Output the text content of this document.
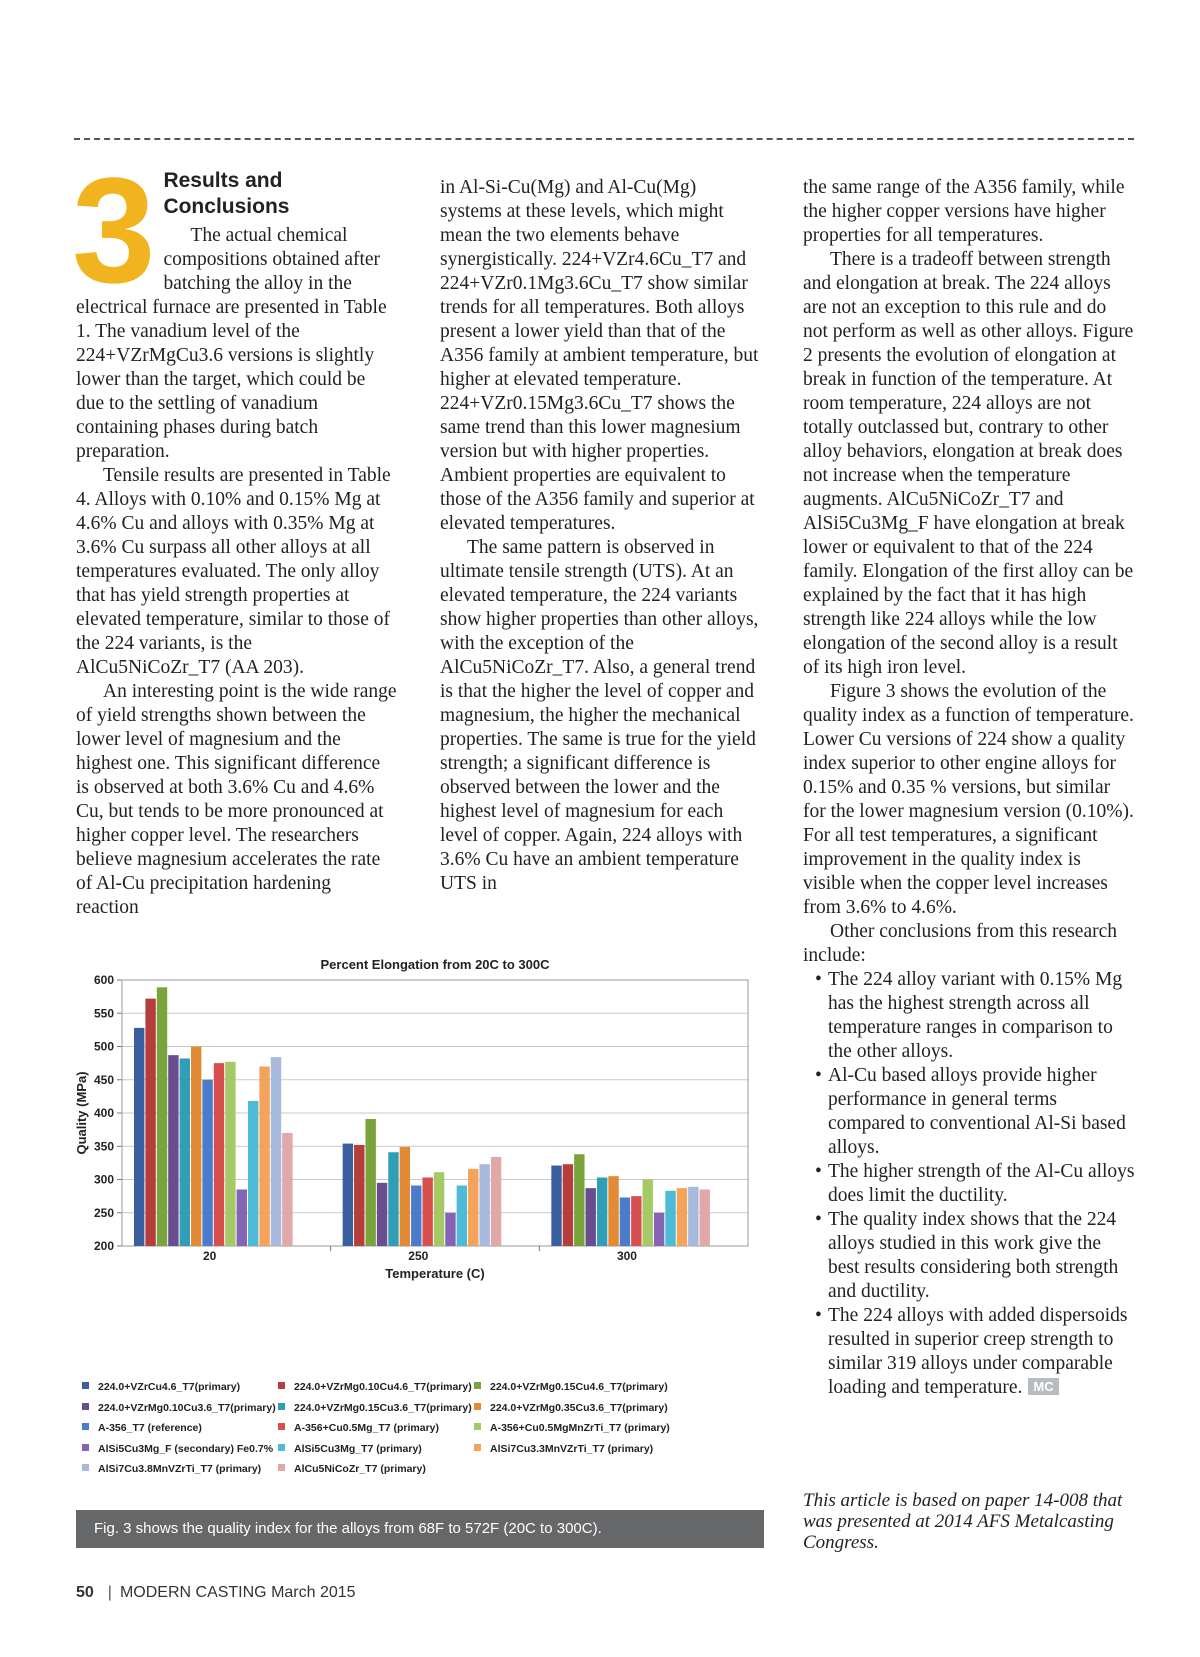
3 Results and Conclusions

The actual chemical compositions obtained after batching the alloy in the electrical furnace are presented in Table 1. The vanadium level of the 224+VZrMgCu3.6 versions is slightly lower than the target, which could be due to the settling of vanadium containing phases during batch preparation.

Tensile results are presented in Table 4. Alloys with 0.10% and 0.15% Mg at 4.6% Cu and alloys with 0.35% Mg at 3.6% Cu surpass all other alloys at all temperatures evaluated. The only alloy that has yield strength properties at elevated temperature, similar to those of the 224 variants, is the AlCu5NiCoZr_T7 (AA 203).

An interesting point is the wide range of yield strengths shown between the lower level of magnesium and the highest one. This significant difference is observed at both 3.6% Cu and 4.6% Cu, but tends to be more pronounced at higher copper level. The researchers believe magnesium accelerates the rate of Al-Cu precipitation hardening reaction

in Al-Si-Cu(Mg) and Al-Cu(Mg) systems at these levels, which might mean the two elements behave synergistically. 224+VZr4.6Cu_T7 and 224+VZr0.1Mg3.6Cu_T7 show similar trends for all temperatures. Both alloys present a lower yield than that of the A356 family at ambient temperature, but higher at elevated temperature. 224+VZr0.15Mg3.6Cu_T7 shows the same trend than this lower magnesium version but with higher properties. Ambient properties are equivalent to those of the A356 family and superior at elevated temperatures.

The same pattern is observed in ultimate tensile strength (UTS). At an elevated temperature, the 224 variants show higher properties than other alloys, with the exception of the AlCu5NiCoZr_T7. Also, a general trend is that the higher the level of copper and magnesium, the higher the mechanical properties. The same is true for the yield strength; a significant difference is observed between the lower and the highest level of magnesium for each level of copper. Again, 224 alloys with 3.6% Cu have an ambient temperature UTS in

the same range of the A356 family, while the higher copper versions have higher properties for all temperatures.

There is a tradeoff between strength and elongation at break. The 224 alloys are not an exception to this rule and do not perform as well as other alloys. Figure 2 presents the evolution of elongation at break in function of the temperature. At room temperature, 224 alloys are not totally outclassed but, contrary to other alloy behaviors, elongation at break does not increase when the temperature augments. AlCu5NiCoZr_T7 and AlSi5Cu3Mg_F have elongation at break lower or equivalent to that of the 224 family. Elongation of the first alloy can be explained by the fact that it has high strength like 224 alloys while the low elongation of the second alloy is a result of its high iron level.

Figure 3 shows the evolution of the quality index as a function of temperature. Lower Cu versions of 224 show a quality index superior to other engine alloys for 0.15% and 0.35 % versions, but similar for the lower magnesium version (0.10%). For all test temperatures, a significant improvement in the quality index is visible when the copper level increases from 3.6% to 4.6%.

Other conclusions from this research include:

• The 224 alloy variant with 0.15% Mg has the highest strength across all temperature ranges in comparison to the other alloys.
• Al-Cu based alloys provide higher performance in general terms compared to conventional Al-Si based alloys.
• The higher strength of the Al-Cu alloys does limit the ductility.
• The quality index shows that the 224 alloys studied in this work give the best results considering both strength and ductility.
• The 224 alloys with added dispersoids resulted in superior creep strength to similar 319 alloys under comparable loading and temperature. MC
This article is based on paper 14-008 that was presented at 2014 AFS Metalcasting Congress.
Percent Elongation from 20C to 300C
200
250
300
350
400
450
500
550
600
Quality (MPa)
20	250	300
Temperature (C)
224.0+VZrCu4.6_T7(primary)	224.0+VZrMg0.10Cu4.6_T7(primary)	224.0+VZrMg0.15Cu4.6_T7(primary)
224.0+VZrMg0.10Cu3.6_T7(primary)	224.0+VZrMg0.15Cu3.6_T7(primary)	224.0+VZrMg0.35Cu3.6_T7(primary)
A-356_T7 (reference)	A-356+Cu0.5Mg_T7 (primary)	A-356+Cu0.5MgMnZrTi_T7 (primary)
AlSi5Cu3Mg_F (secondary) Fe0.7%	AlSi5Cu3Mg_T7 (primary)	AlSi7Cu3.3MnVZrTi_T7 (primary)
AlSi7Cu3.8MnVZrTi_T7 (primary)	AlCu5NiCoZr_T7 (primary)
Fig. 3 shows the quality index for the alloys from 68F to 572F (20C to 300C).
50 | MODERN CASTING March 2015
